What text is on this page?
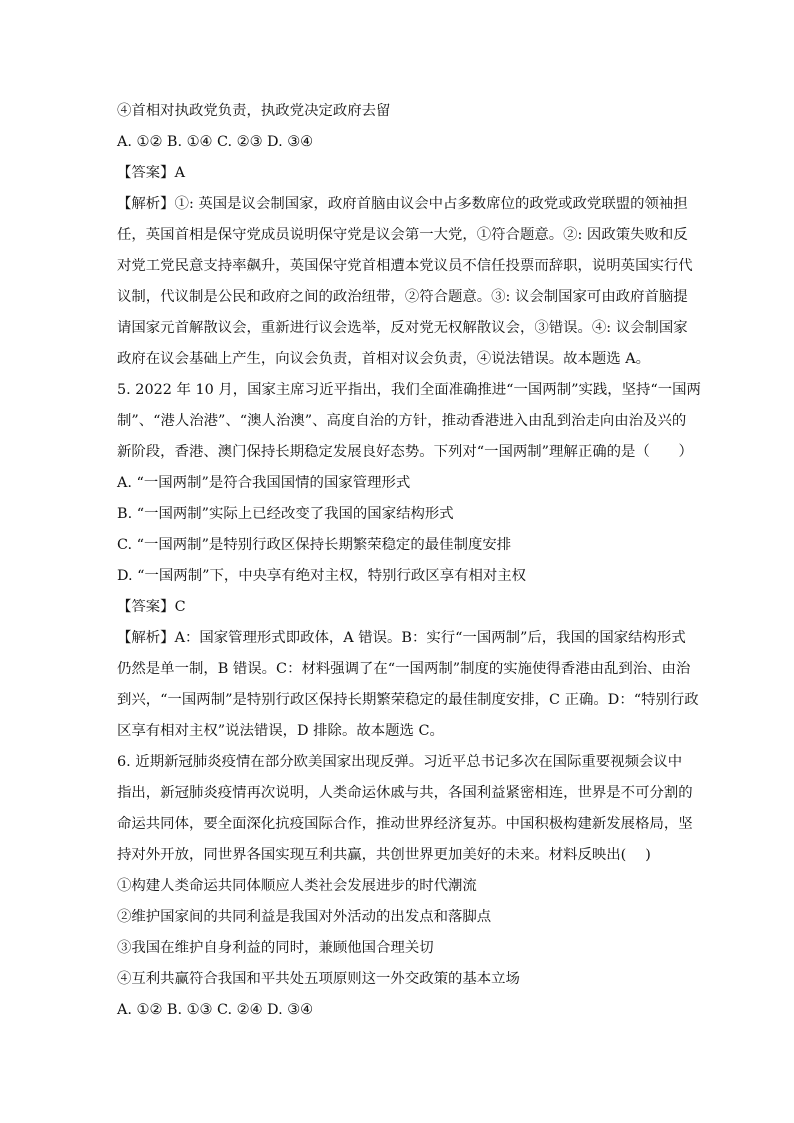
④首相对执政党负责，执政党决定政府去留
A. ①② B. ①④ C. ②③ D. ③④
【答案】A
【解析】①: 英国是议会制国家，政府首脑由议会中占多数席位的政党或政党联盟的领袖担
任，英国首相是保守党成员说明保守党是议会第一大党，①符合题意。②: 因政策失败和反
对党工党民意支持率飙升，英国保守党首相遭本党议员不信任投票而辞职，说明英国实行代
议制，代议制是公民和政府之间的政治纽带，②符合题意。③: 议会制国家可由政府首脑提
请国家元首解散议会，重新进行议会选举，反对党无权解散议会，③错误。④: 议会制国家
政府在议会基础上产生，向议会负责，首相对议会负责，④说法错误。故本题选 A。
5. 2022 年 10 月，国家主席习近平指出，我们全面准确推进“一国两制”实践，坚持“一国两
制”、“港人治港”、“澳人治澳”、高度自治的方针，推动香港进入由乱到治走向由治及兴的
新阶段，香港、澳门保持长期稳定发展良好态势。下列对“一国两制”理解正确的是（　　）
A. “一国两制”是符合我国国情的国家管理形式
B. “一国两制”实际上已经改变了我国的国家结构形式
C. “一国两制”是特别行政区保持长期繁荣稳定的最佳制度安排
D. “一国两制”下，中央享有绝对主权，特别行政区享有相对主权
【答案】C
【解析】A：国家管理形式即政体，A 错误。B：实行“一国两制”后，我国的国家结构形式
仍然是单一制，B 错误。C：材料强调了在“一国两制”制度的实施使得香港由乱到治、由治
到兴，“一国两制”是特别行政区保持长期繁荣稳定的最佳制度安排，C 正确。D：“特别行政
区享有相对主权”说法错误，D 排除。故本题选 C。
6. 近期新冠肺炎疫情在部分欧美国家出现反弹。习近平总书记多次在国际重要视频会议中
指出，新冠肺炎疫情再次说明，人类命运休戚与共，各国利益紧密相连，世界是不可分割的
命运共同体，要全面深化抗疫国际合作，推动世界经济复苏。中国积极构建新发展格局，坚
持对外开放，同世界各国实现互利共赢，共创世界更加美好的未来。材料反映出(　 )
①构建人类命运共同体顺应人类社会发展进步的时代潮流
②维护国家间的共同利益是我国对外活动的出发点和落脚点
③我国在维护自身利益的同时，兼顾他国合理关切
④互利共赢符合我国和平共处五项原则这一外交政策的基本立场
A. ①② B. ①③ C. ②④ D. ③④
